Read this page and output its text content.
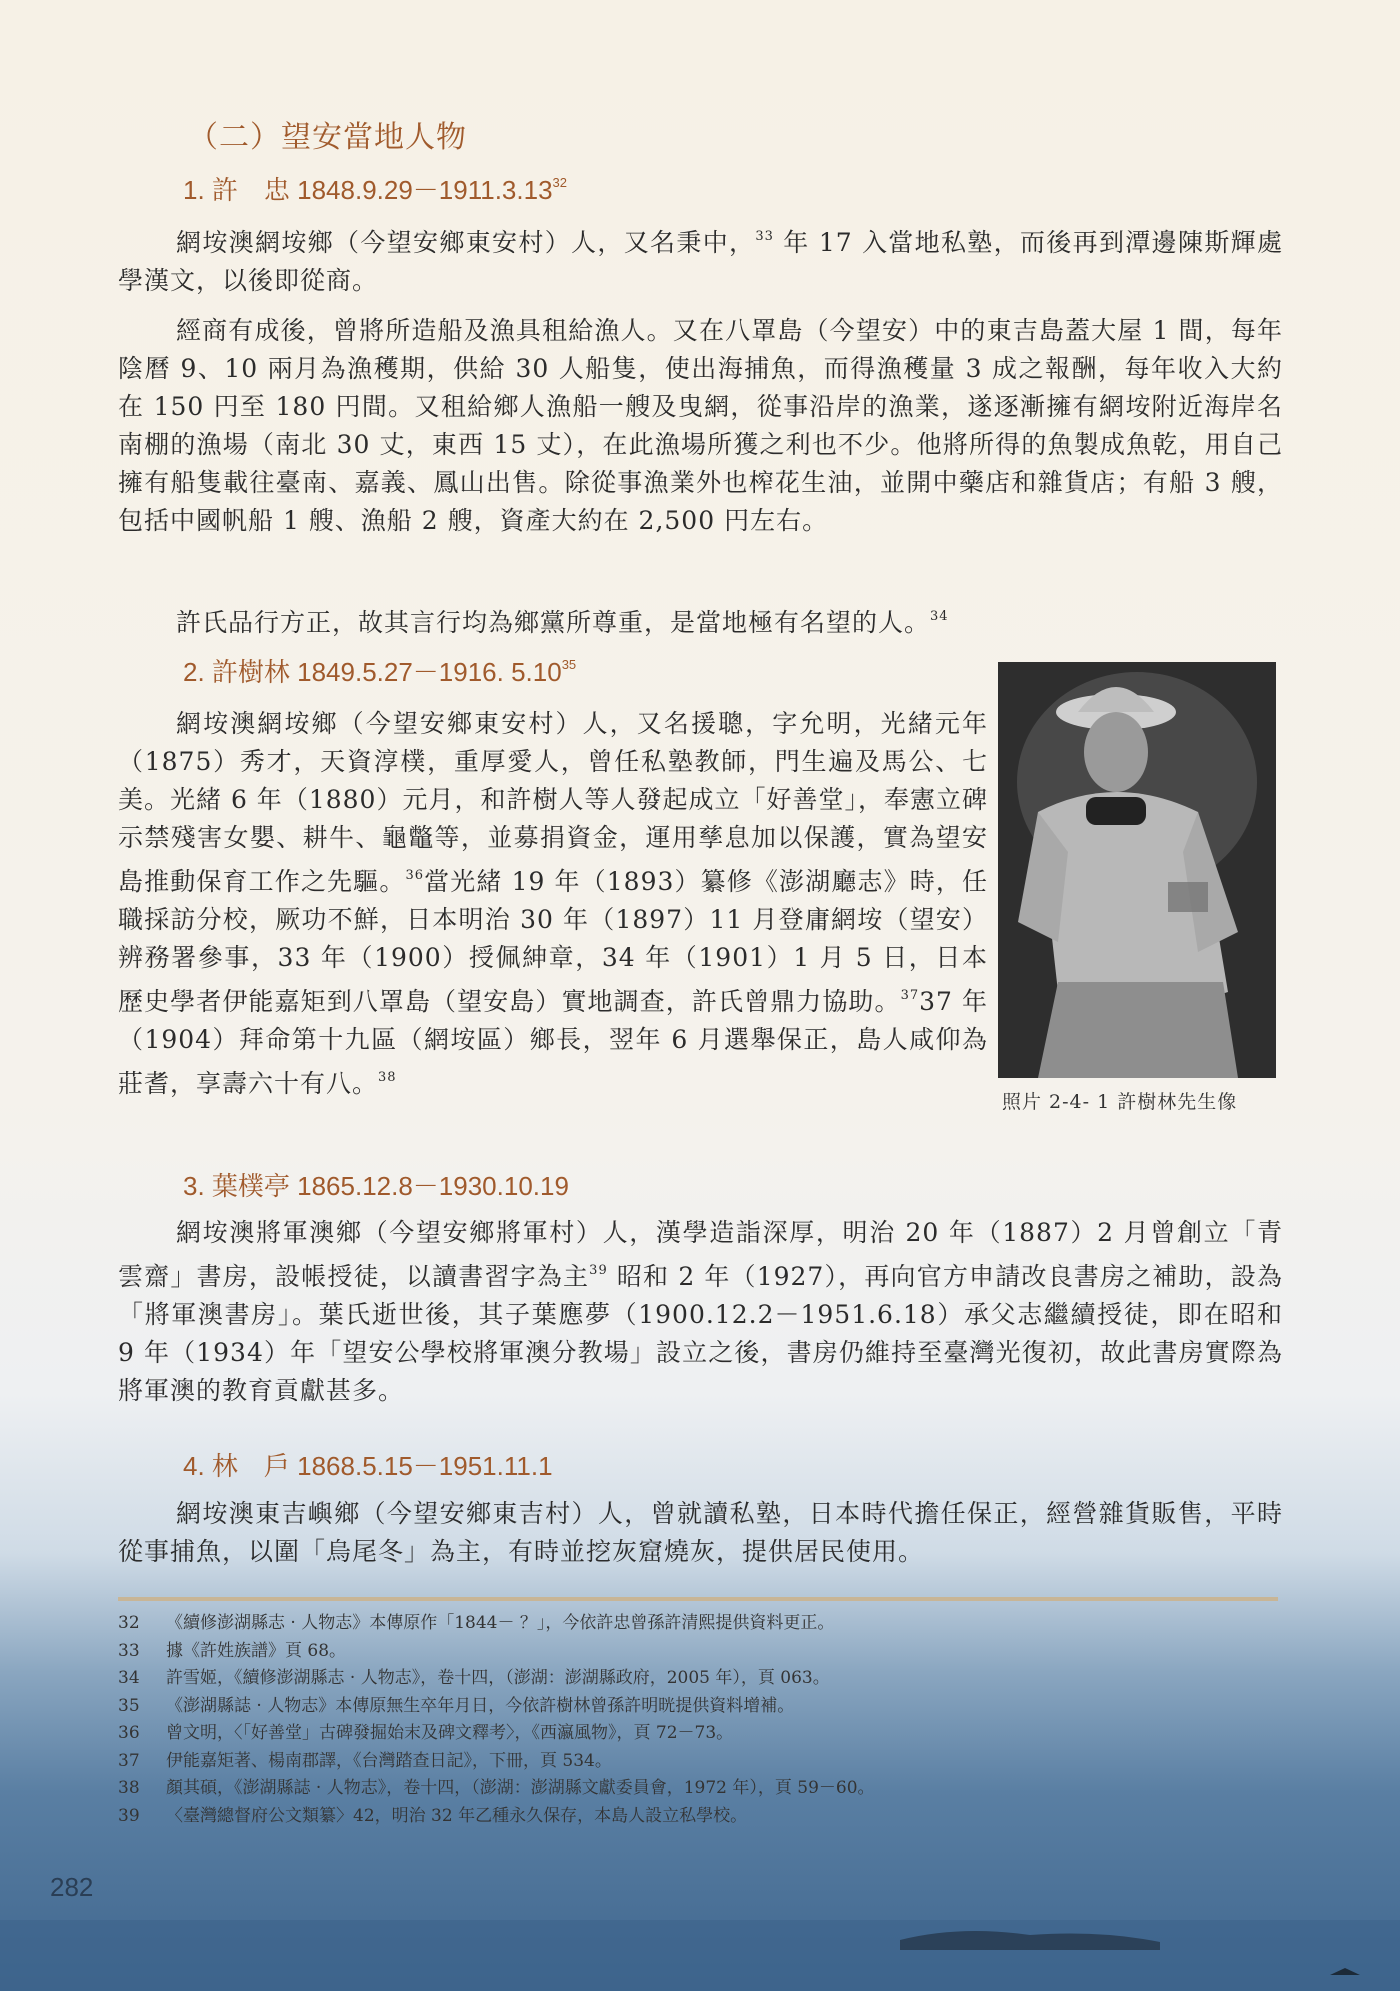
（二）望安當地人物
1. 許　忠 $1848.9.29-1911.3.13^{32}$

網垵澳網垵鄉（今望安鄉東安村）人，又名秉中，$^{33}$ 年 17 入當地私塾，而後再到潭邊陳斯輝處學漢文，以後即從商。

經商有成後，曾將所造船及漁具租給漁人。又在八罩島（今望安）中的東吉島蓋大屋 1 間，每年陰曆 9、10 兩月為漁穫期，供給 30 人船隻，使出海捕魚，而得漁穫量 3 成之報酬，每年收入大約在 150 円至 180 円間。又租給鄉人漁船一艘及曳網，從事沿岸的漁業，遂逐漸擁有網垵附近海岸名南棚的漁場（南北 30 丈，東西 15 丈），在此漁場所獲之利也不少。他將所得的魚製成魚乾，用自己擁有船隻載往臺南、嘉義、鳳山出售。除從事漁業外也榨花生油，並開中藥店和雜貨店；有船 3 艘，包括中國帆船 1 艘、漁船 2 艘，資產大約在 2,500 円左右。

許氏品行方正，故其言行均為鄉黨所尊重，是當地極有名望的人。$^{34}$

2. 許樹林 1849.5.27－1916. 5.10$^{35}$

網垵澳網垵鄉（今望安鄉東安村）人，又名援聰，字允明，光緒元年（1875）秀才，天資淳樸，重厚愛人，曾任私塾教師，門生遍及馬公、七美。光緒 6 年（1880）元月，和許樹人等人發起成立「好善堂」，奉憲立碑示禁殘害女嬰、耕牛、龜鼈等，並募捐資金，運用孳息加以保護，實為望安島推動保育工作之先驅。$^{36}$當光緒 19 年（1893）纂修《澎湖廳志》時，任職採訪分校，厥功不鮮，日本明治 30 年（1897）11 月登庸網垵（望安）辨務署參事，33 年（1900）授佩紳章，34 年（1901）1 月 5 日，日本歷史學者伊能嘉矩到八罩島（望安島）實地調查，許氏曾鼎力協助。$^{37}$37 年（1904）拜命第十九區（網垵區）鄉長，翌年 6 月選舉保正，島人咸仰為莊耆，享壽六十有八。$^{38}$

照片 2-4- 1 許樹林先生像
3. 葉樸亭 1865.12.8－1930.10.19

網垵澳將軍澳鄉（今望安鄉將軍村）人，漢學造詣深厚，明治 20 年（1887）2 月曾創立「青雲齋」書房，設帳授徒，以讀書習字為主$^{39}$ 昭和 2 年（1927），再向官方申請改良書房之補助，設為「將軍澳書房」。葉氏逝世後，其子葉應夢（1900.12.2－1951.6.18）承父志繼續授徒，即在昭和 9 年（1934）年「望安公學校將軍澳分教場」設立之後，書房仍維持至臺灣光復初，故此書房實際為將軍澳的教育貢獻甚多。

4. 林　戶 1868.5.15－1951.11.1

網垵澳東吉嶼鄉（今望安鄉東吉村）人，曾就讀私塾，日本時代擔任保正，經營雜貨販售，平時從事捕魚，以圍「烏尾冬」為主，有時並挖灰窟燒灰，提供居民使用。

32	《續修澎湖縣志 · 人物志》本傳原作「1844－ ？」，今依許忠曾孫許清熙提供資料更正。
33	據《許姓族譜》頁 68。
34	許雪姬，《續修澎湖縣志 · 人物志》，卷十四，（澎湖：澎湖縣政府，2005 年），頁 063。
35	《澎湖縣誌 · 人物志》本傳原無生卒年月日，今依許樹林曾孫許明晄提供資料增補。
36	曾文明，〈「好善堂」古碑發掘始末及碑文釋考〉，《西瀛風物》，頁 72－73。
37	伊能嘉矩著、楊南郡譯，《台灣踏查日記》，下冊，頁 534。
38	顏其碩，《澎湖縣誌 · 人物志》，卷十四，（澎湖：澎湖縣文獻委員會，1972 年），頁 59－60。
39	〈臺灣總督府公文類纂〉42，明治 32 年乙種永久保存，本島人設立私學校。
282
